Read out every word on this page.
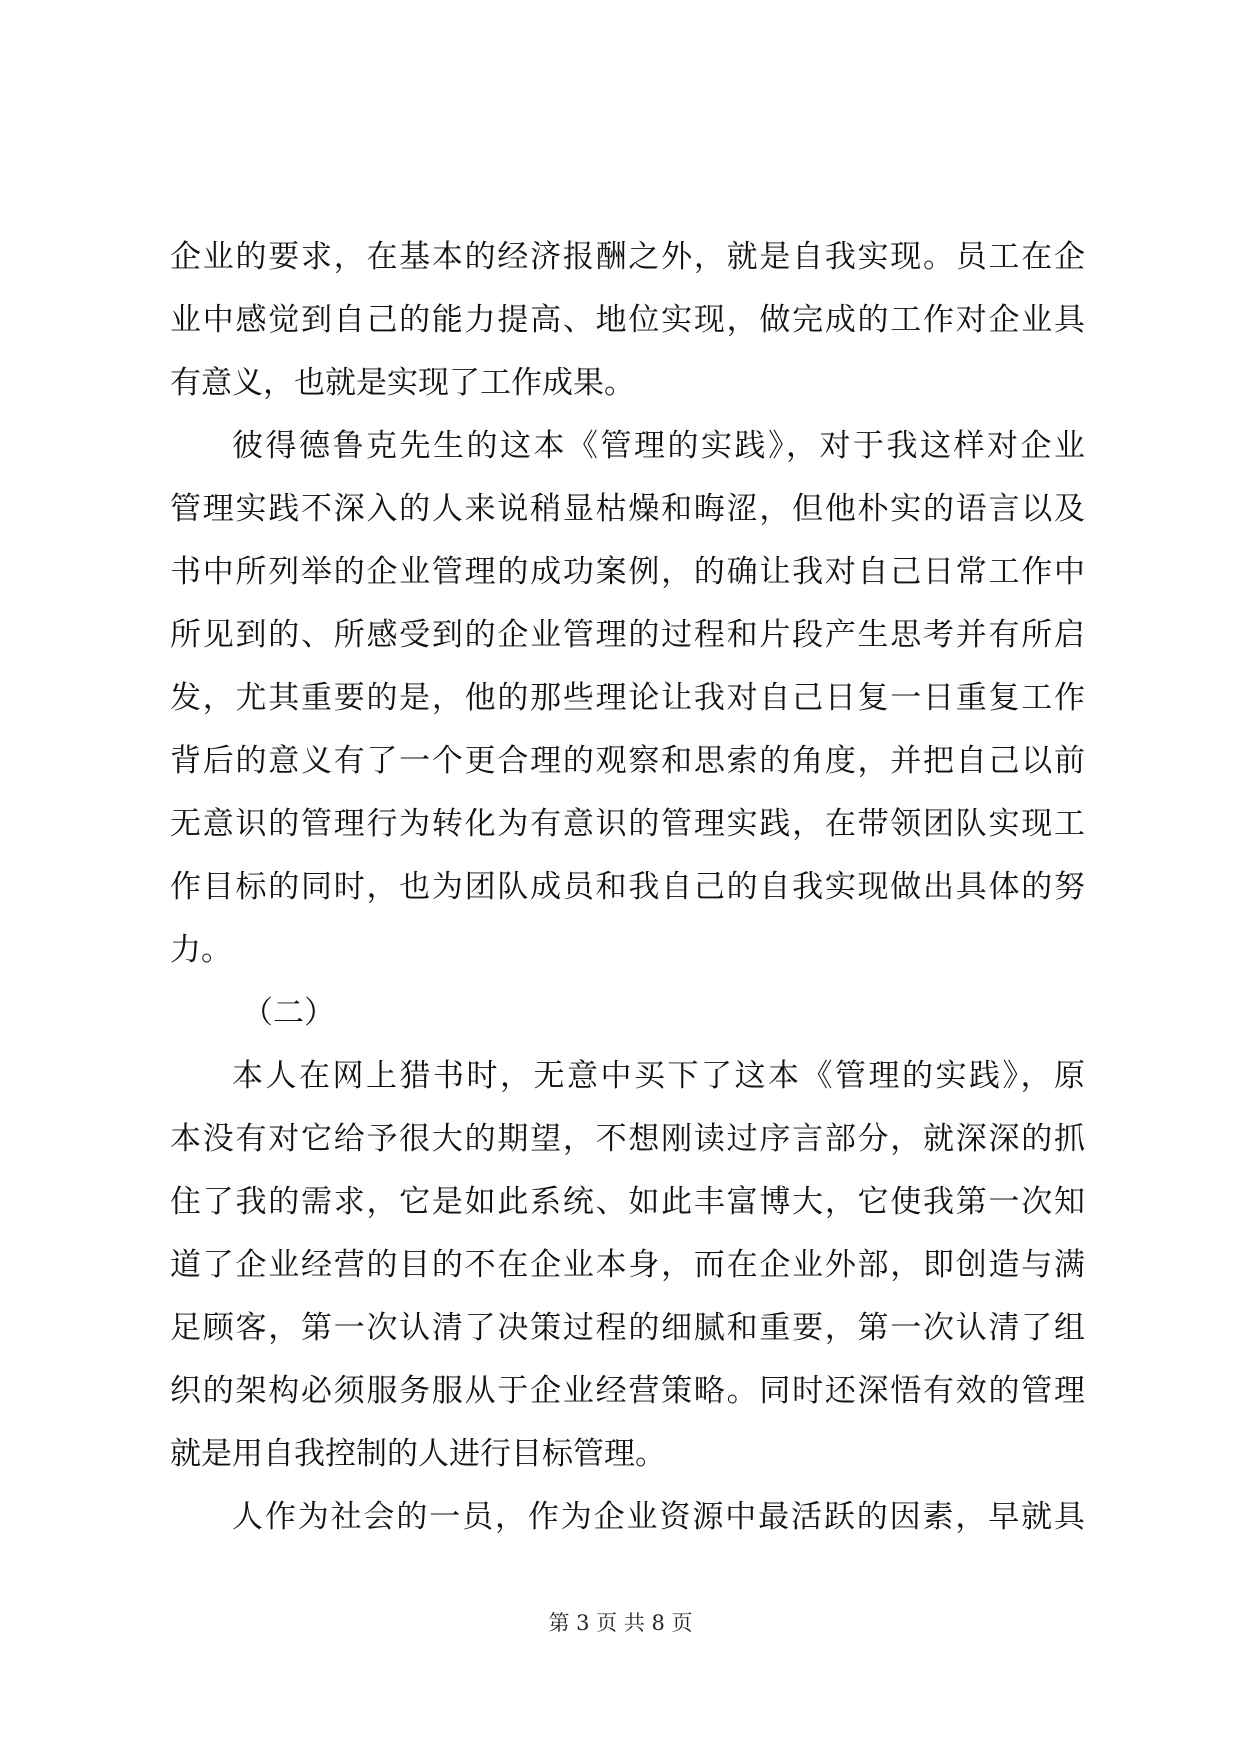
企业的要求，在基本的经济报酬之外，就是自我实现。员工在企
业中感觉到自己的能力提高、地位实现，做完成的工作对企业具
有意义，也就是实现了工作成果。
彼得德鲁克先生的这本《管理的实践》，对于我这样对企业
管理实践不深入的人来说稍显枯燥和晦涩，但他朴实的语言以及
书中所列举的企业管理的成功案例，的确让我对自己日常工作中
所见到的、所感受到的企业管理的过程和片段产生思考并有所启
发，尤其重要的是，他的那些理论让我对自己日复一日重复工作
背后的意义有了一个更合理的观察和思索的角度，并把自己以前
无意识的管理行为转化为有意识的管理实践，在带领团队实现工
作目标的同时，也为团队成员和我自己的自我实现做出具体的努
力。
（二）
本人在网上猎书时，无意中买下了这本《管理的实践》，原
本没有对它给予很大的期望，不想刚读过序言部分，就深深的抓
住了我的需求，它是如此系统、如此丰富博大，它使我第一次知
道了企业经营的目的不在企业本身，而在企业外部，即创造与满
足顾客，第一次认清了决策过程的细腻和重要，第一次认清了组
织的架构必须服务服从于企业经营策略。同时还深悟有效的管理
就是用自我控制的人进行目标管理。
人作为社会的一员，作为企业资源中最活跃的因素，早就具
第 3 页 共 8 页
